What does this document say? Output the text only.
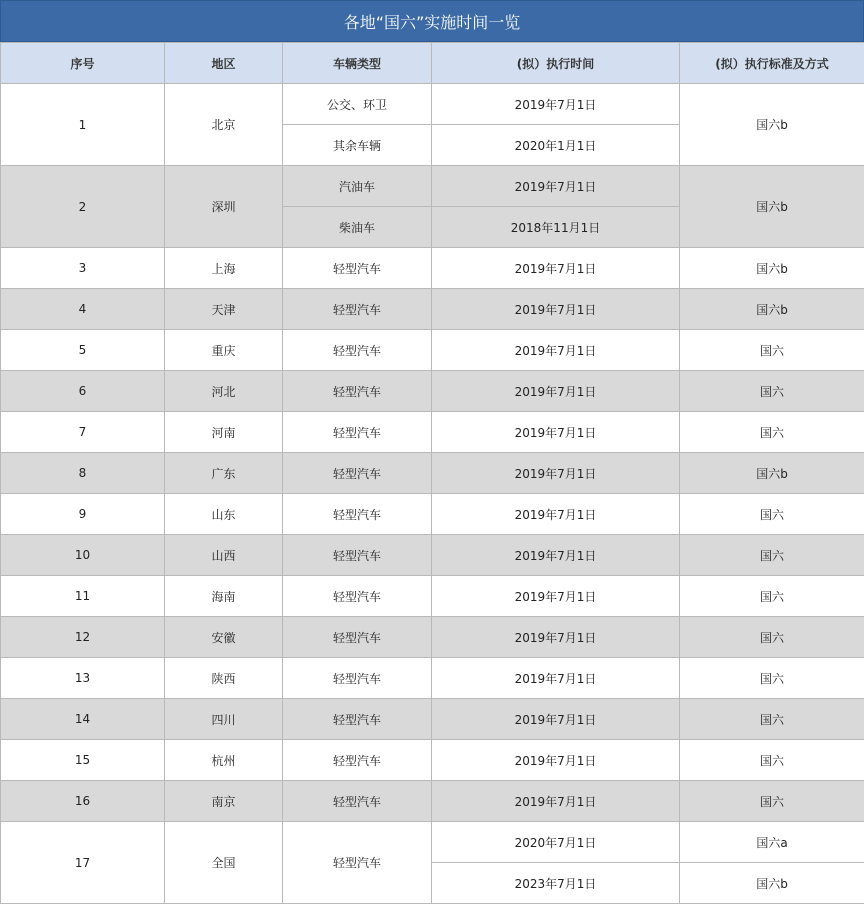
各地“国六”实施时间一览
序号	地区	车辆类型	(拟）执行时间	(拟）执行标准及方式
1	北京	公交、环卫	2019年7月1日	国六b
		其余车辆	2020年1月1日	
2	深圳	汽油车	2019年7月1日	国六b
		柴油车	2018年11月1日	
3	上海	轻型汽车	2019年7月1日	国六b
4	天津	轻型汽车	2019年7月1日	国六b
5	重庆	轻型汽车	2019年7月1日	国六
6	河北	轻型汽车	2019年7月1日	国六
7	河南	轻型汽车	2019年7月1日	国六
8	广东	轻型汽车	2019年7月1日	国六b
9	山东	轻型汽车	2019年7月1日	国六
10	山西	轻型汽车	2019年7月1日	国六
11	海南	轻型汽车	2019年7月1日	国六
12	安徽	轻型汽车	2019年7月1日	国六
13	陕西	轻型汽车	2019年7月1日	国六
14	四川	轻型汽车	2019年7月1日	国六
15	杭州	轻型汽车	2019年7月1日	国六
16	南京	轻型汽车	2019年7月1日	国六
17	全国	轻型汽车	2020年7月1日	国六a
			2023年7月1日	国六b
